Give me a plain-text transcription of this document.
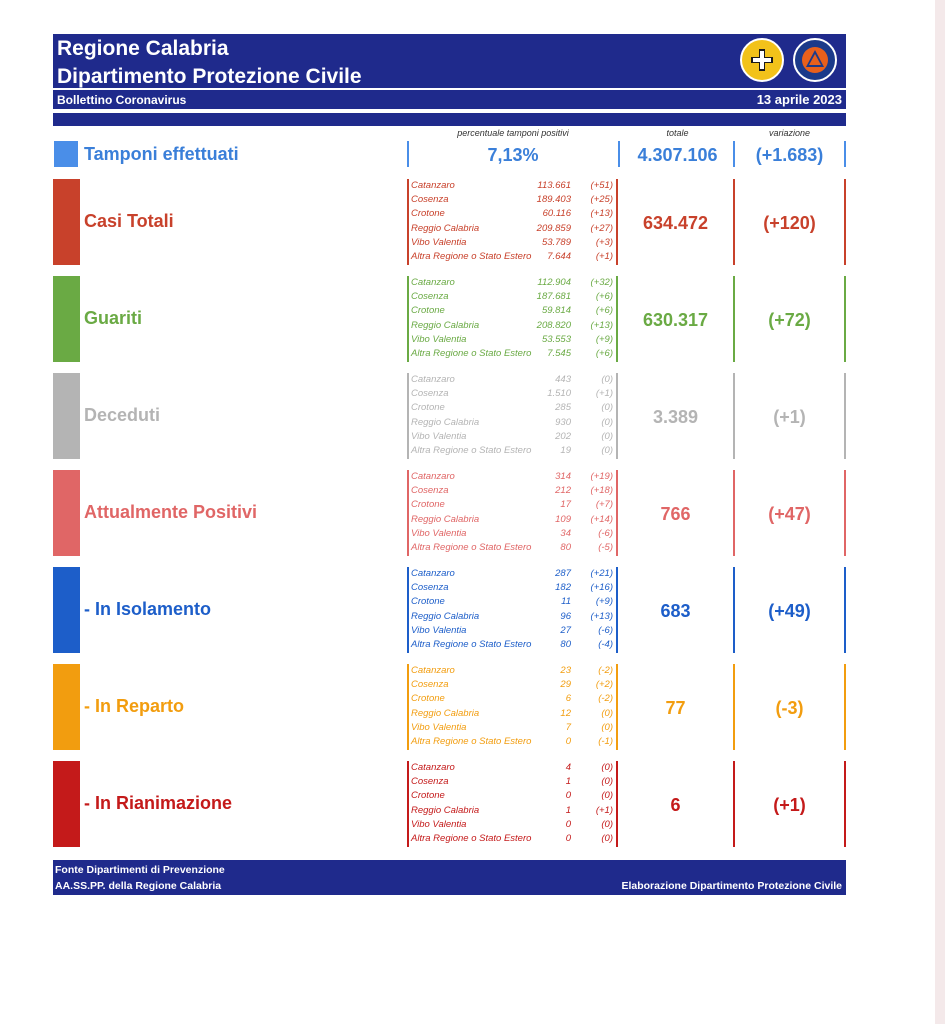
Regione Calabria
Dipartimento Protezione Civile
Bollettino Coronavirus	13 aprile 2023
percentuale tamponi positivi	totale	variazione
Tamponi effettuati	7,13%	4.307.106	(+1.683)
Casi Totali
Catanzaro	113.661 (+51)
Cosenza	189.403 (+25)
Crotone	60.116 (+13)
Reggio Calabria	209.859 (+27)
Vibo Valentia	53.789	(+3)
Altra Regione o Stato Estero 7.644	(+1)
634.472	(+120)
Guariti
Catanzaro	112.904 (+32)
Cosenza	187.681	(+6)
Crotone	59.814	(+6)
Reggio Calabria	208.820 (+13)
Vibo Valentia	53.553	(+9)
Altra Regione o Stato Estero 7.545	(+6)
630.317	(+72)
Deceduti
Catanzaro	443	(0)
Cosenza	1.510	(+1)
Crotone	285	(0)
Reggio Calabria	930	(0)
Vibo Valentia	202	(0)
Altra Regione o Stato Estero	19	(0)
3.389	(+1)
Attualmente Positivi
Catanzaro	314 (+19)
Cosenza	212 (+18)
Crotone	17	(+7)
Reggio Calabria	109 (+14)
Vibo Valentia	34	(-6)
Altra Regione o Stato Estero	80	(-5)
766	(+47)
- In Isolamento
Catanzaro	287 (+21)
Cosenza	182 (+16)
Crotone	11	(+9)
Reggio Calabria	96 (+13)
Vibo Valentia	27	(-6)
Altra Regione o Stato Estero	80	(-4)
683	(+49)
- In Reparto
Catanzaro	23	(-2)
Cosenza	29	(+2)
Crotone	6	(-2)
Reggio Calabria	12	(0)
Vibo Valentia	7	(0)
Altra Regione o Stato Estero	0	(-1)
77	(-3)
- In Rianimazione
Catanzaro	4	(0)
Cosenza	1	(0)
Crotone	0	(0)
Reggio Calabria	1	(+1)
Vibo Valentia	0	(0)
Altra Regione o Stato Estero	0	(0)
6	(+1)
Fonte Dipartimenti di Prevenzione
AA.SS.PP. della Regione Calabria	Elaborazione Dipartimento Protezione Civile
